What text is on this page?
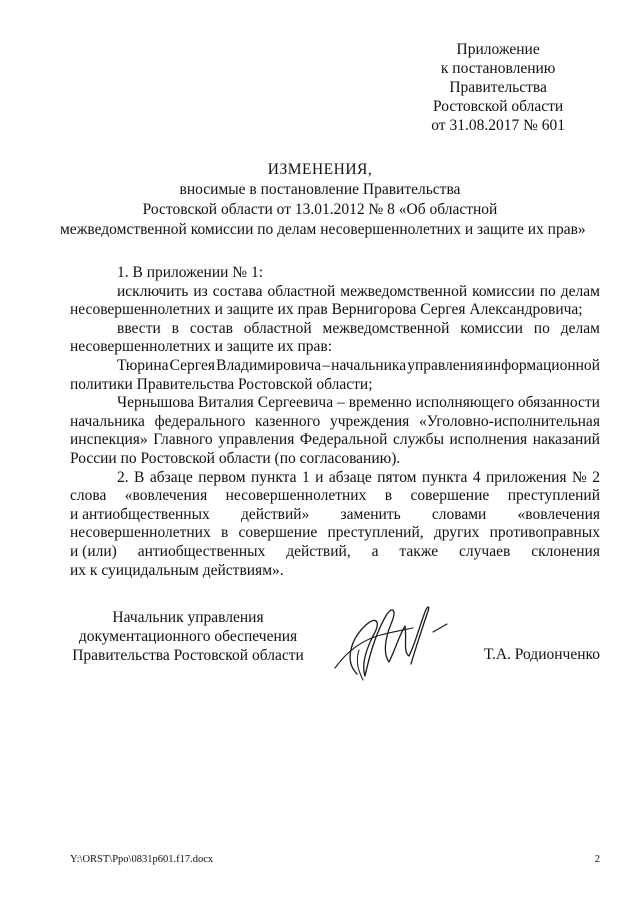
Приложение
к постановлению
Правительства
Ростовской области
от 31.08.2017 № 601
ИЗМЕНЕНИЯ,
вносимые в постановление Правительства
Ростовской области от 13.01.2012 № 8 «Об областной
межведомственной комиссии по делам несовершеннолетних и защите их прав»
1. В приложении № 1:
исключить из состава областной межведомственной комиссии по делам
несовершеннолетних и защите их прав Вернигорова Сергея Александровича;
ввести в состав областной межведомственной комиссии по делам
несовершеннолетних и защите их прав:
Тюрина Сергея Владимировича – начальника управления информационной
политики Правительства Ростовской области;
Чернышова Виталия Сергеевича – временно исполняющего обязанности
начальника федерального казенного учреждения «Уголовно-исполнительная
инспекция» Главного управления Федеральной службы исполнения наказаний
России по Ростовской области (по согласованию).
2. В абзаце первом пункта 1 и абзаце пятом пункта 4 приложения № 2
слова «вовлечения несовершеннолетних в совершение преступлений
и антиобщественных действий» заменить словами «вовлечения
несовершеннолетних в совершение преступлений, других противоправных
и (или) антиобщественных действий, а также случаев склонения
их к суицидальным действиям».
Начальник управления
документационного обеспечения
Правительства Ростовской области	Т.А. Родионченко
Y:\ORST\Ppo\0831p601.f17.docx	2
